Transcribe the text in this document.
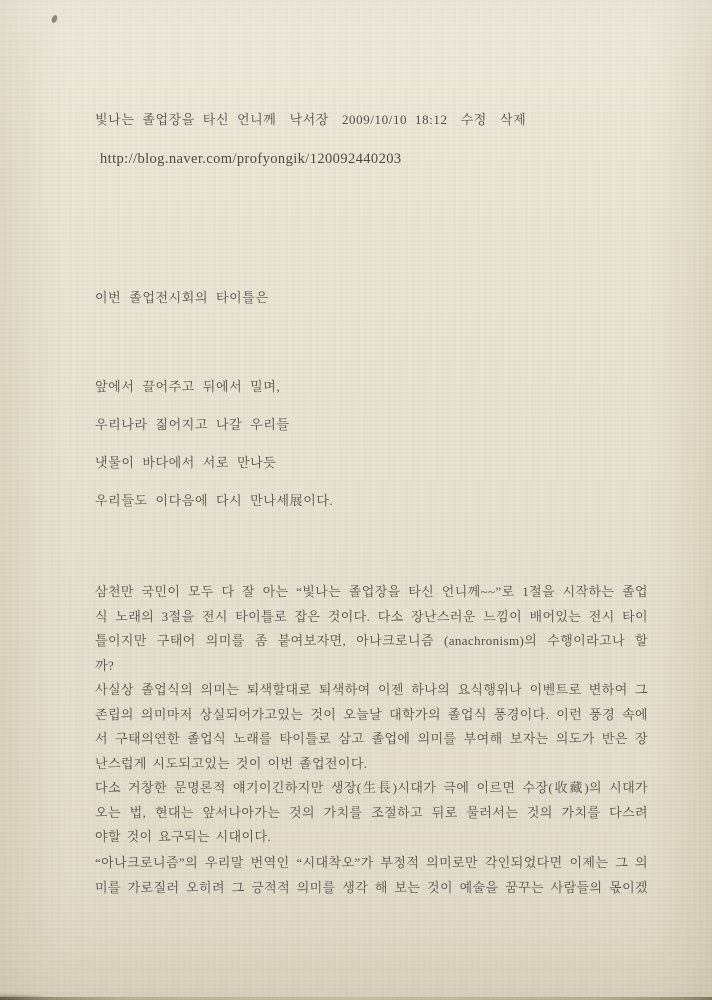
빛나는 졸업장을 타신 언니께 낙서장 2009/10/10 18:12 수정 삭제
http://blog.naver.com/profyongik/120092440203
이번 졸업전시회의 타이틀은
앞에서 끌어주고 뒤에서 밀며,
우리나라 짊어지고 나갈 우리들
냇물이 바다에서 서로 만나듯
우리들도 이다음에 다시 만나세展이다.
삼천만 국민이 모두 다 잘 아는 “빛나는 졸업장을 타신 언니께~~”로 1절을 시작하는 졸업
식 노래의 3절을 전시 타이틀로 잡은 것이다. 다소 장난스러운 느낌이 배어있는 전시 타이
틀이지만 구태어 의미를 좀 붙여보자면, 아나크로니즘 (anachronism)의 수행이라고나 할
까?
사실상 졸업식의 의미는 퇴색할대로 퇴색하여 이젠 하나의 요식행위나 이벤트로 변하여 그
존립의 의미마저 상실되어가고있는 것이 오늘날 대학가의 졸업식 풍경이다. 이런 풍경 속에
서 구태의연한 졸업식 노래를 타이틀로 삼고 졸업에 의미를 부여해 보자는 의도가 반은 장
난스럽게 시도되고있는 것이 이번 졸업전이다.
다소 거창한 문명론적 얘기이긴하지만 생장(生長)시대가 극에 이르면 수장(收藏)의 시대가
오는 법, 현대는 앞서나아가는 것의 가치를 조절하고 뒤로 물러서는 것의 가치를 다스려
야할 것이 요구되는 시대이다.
“아나크로니즘”의 우리말 번역인 “시대착오”가 부정적 의미로만 각인되었다면 이제는 그 의
미를 가로질러 오히려 그 긍적적 의미를 생각 해 보는 것이 예술을 꿈꾸는 사람들의 몫이겠
